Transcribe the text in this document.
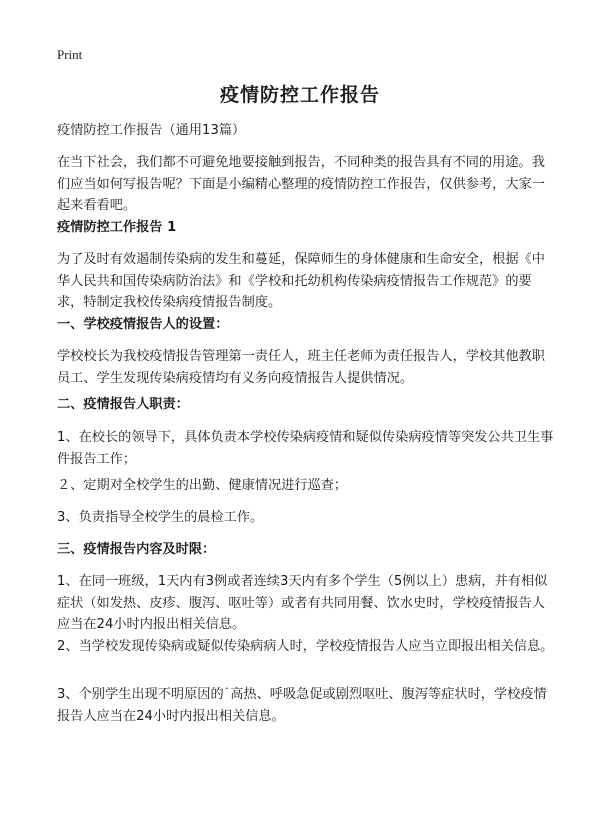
Print
疫情防控工作报告
疫情防控工作报告（通用13篇）
在当下社会，我们都不可避免地要接触到报告，不同种类的报告具有不同的用途。我们应当如何写报告呢？下面是小编精心整理的疫情防控工作报告，仅供参考，大家一起来看看吧。
疫情防控工作报告 1
为了及时有效遏制传染病的发生和蔓延，保障师生的身体健康和生命安全，根据《中华人民共和国传染病防治法》和《学校和托幼机构传染病疫情报告工作规范》的要求，特制定我校传染病疫情报告制度。
一、学校疫情报告人的设置：
学校校长为我校疫情报告管理第一责任人，班主任老师为责任报告人，学校其他教职员工、学生发现传染病疫情均有义务向疫情报告人提供情况。
二、疫情报告人职责：
1、在校长的领导下，具体负责本学校传染病疫情和疑似传染病疫情等突发公共卫生事件报告工作；
２、定期对全校学生的出勤、健康情况进行巡查；
3、负责指导全校学生的晨检工作。
三、疫情报告内容及时限：
1、在同一班级，1天内有3例或者连续3天内有多个学生（5例以上）患病，并有相似症状（如发热、皮疹、腹泻、呕吐等）或者有共同用餐、饮水史时，学校疫情报告人应当在24小时内报出相关信息。
2、当学校发现传染病或疑似传染病病人时，学校疫情报告人应当立即报出相关信息。
3、个别学生出现不明原因的˙高热、呼吸急促或剧烈呕吐、腹泻等症状时，学校疫情报告人应当在24小时内报出相关信息。
